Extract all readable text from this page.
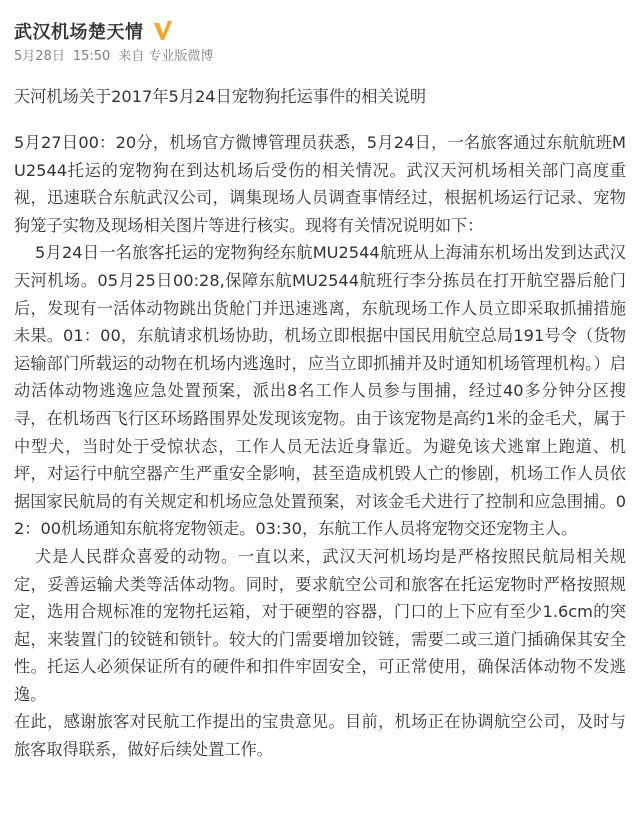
武汉机场楚天情
5月28日 15:50 来自 专业版微博
天河机场关于2017年5月24日宠物狗托运事件的相关说明

5月27日00：20分，机场官方微博管理员获悉，5月24日，一名旅客通过东航航班MU2544托运的宠物狗在到达机场后受伤的相关情况。武汉天河机场相关部门高度重视，迅速联合东航武汉公司，调集现场人员调查事情经过，根据机场运行记录、宠物狗笼子实物及现场相关图片等进行核实。现将有关情况说明如下：

5月24日一名旅客托运的宠物狗经东航MU2544航班从上海浦东机场出发到达武汉天河机场。05月25日00:28,保障东航MU2544航班行李分拣员在打开航空器后舱门后，发现有一活体动物跳出货舱门并迅速逃离，东航现场工作人员立即采取抓捕措施未果。01：00，东航请求机场协助，机场立即根据中国民用航空总局191号令（货物运输部门所载运的动物在机场内逃逸时，应当立即抓捕并及时通知机场管理机构。）启动活体动物逃逸应急处置预案，派出8名工作人员参与围捕，经过40多分钟分区搜寻，在机场西飞行区环场路围界处发现该宠物。由于该宠物是高约1米的金毛犬，属于中型犬，当时处于受惊状态，工作人员无法近身靠近。为避免该犬逃窜上跑道、机坪，对运行中航空器产生严重安全影响，甚至造成机毁人亡的惨剧，机场工作人员依据国家民航局的有关规定和机场应急处置预案，对该金毛犬进行了控制和应急围捕。02：00机场通知东航将宠物领走。03:30，东航工作人员将宠物交还宠物主人。

犬是人民群众喜爱的动物。一直以来，武汉天河机场均是严格按照民航局相关规定，妥善运输犬类等活体动物。同时，要求航空公司和旅客在托运宠物时严格按照规定，选用合规标准的宠物托运箱，对于硬塑的容器，门口的上下应有至少1.6cm的突起，来装置门的铰链和锁针。较大的门需要增加铰链，需要二或三道门插确保其安全性。托运人必须保证所有的硬件和扣件牢固安全，可正常使用，确保活体动物不发逃逸。

在此，感谢旅客对民航工作提出的宝贵意见。目前，机场正在协调航空公司，及时与旅客取得联系，做好后续处置工作。
